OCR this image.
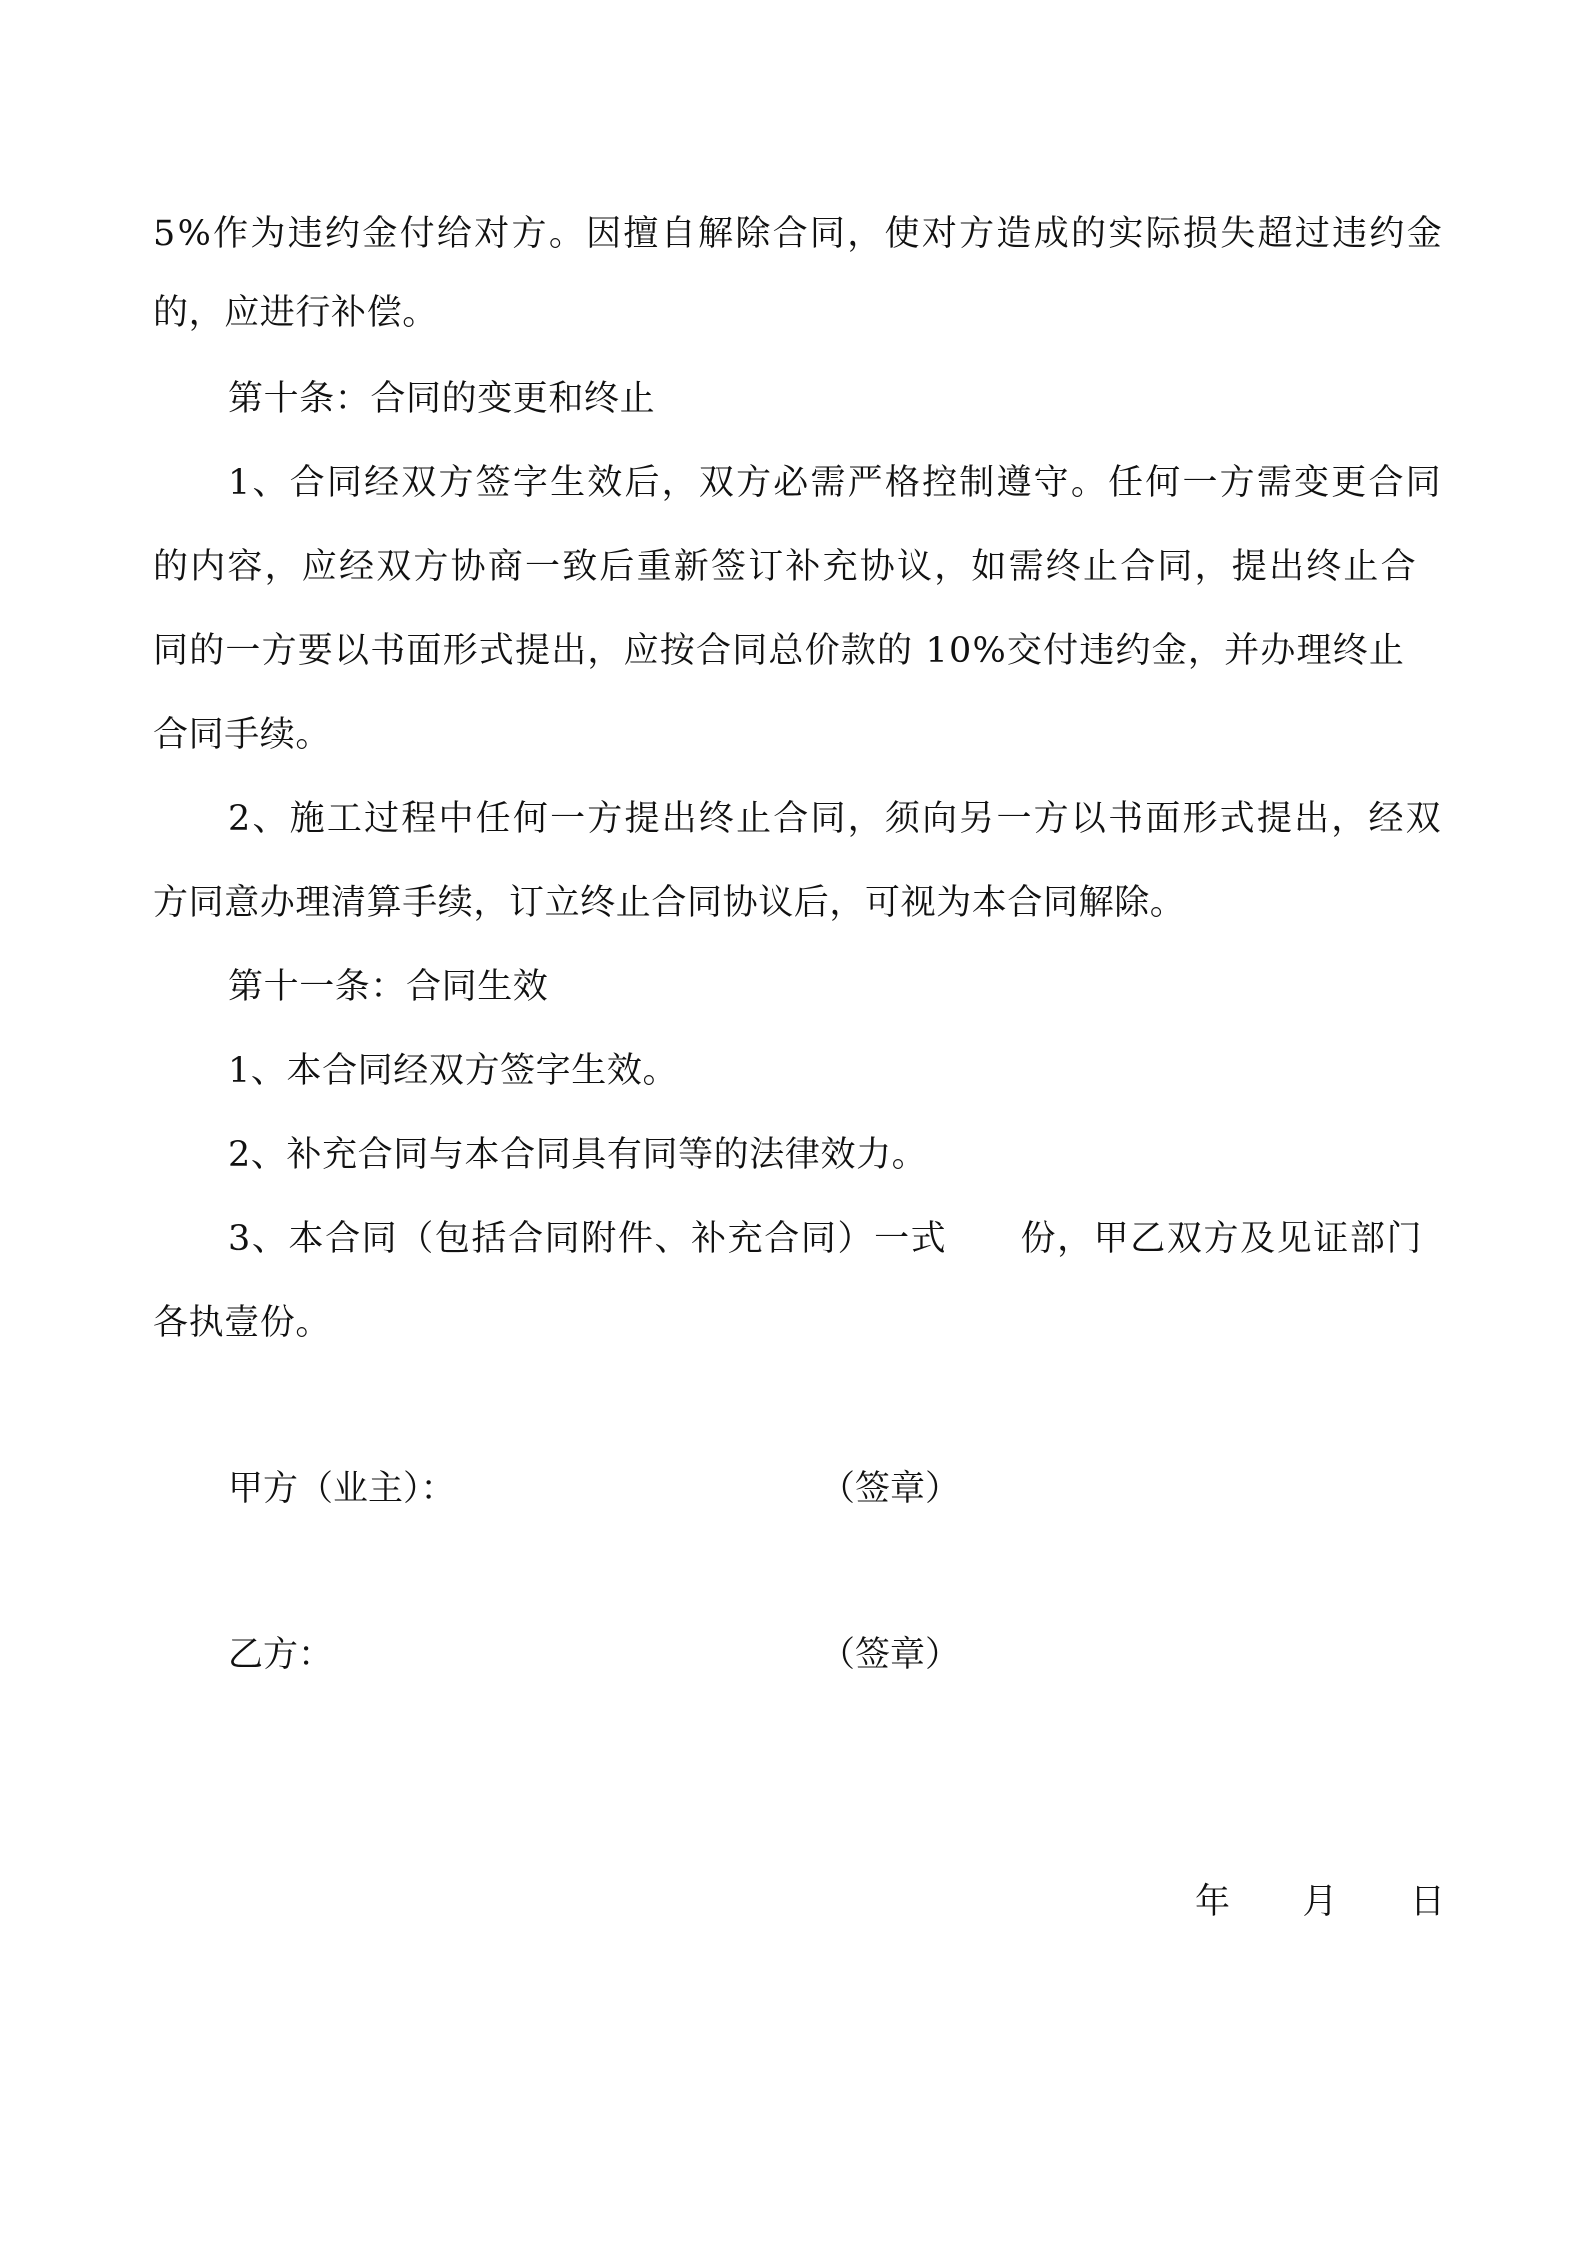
5%作为违约金付给对方。因擅自解除合同，使对方造成的实际损失超过违约金
的，应进行补偿。
第十条：合同的变更和终止
1、合同经双方签字生效后，双方必需严格控制遵守。任何一方需变更合同
的内容，应经双方协商一致后重新签订补充协议，如需终止合同，提出终止合
同的一方要以书面形式提出，应按合同总价款的 10%交付违约金，并办理终止
合同手续。
2、施工过程中任何一方提出终止合同，须向另一方以书面形式提出，经双
方同意办理清算手续，订立终止合同协议后，可视为本合同解除。
第十一条：合同生效
1、本合同经双方签字生效。
2、补充合同与本合同具有同等的法律效力。
3、本合同（包括合同附件、补充合同）一式　　份，甲乙双方及见证部门
各执壹份。
甲方（业主）：	（签章）
乙方：	（签章）
年 月 日
